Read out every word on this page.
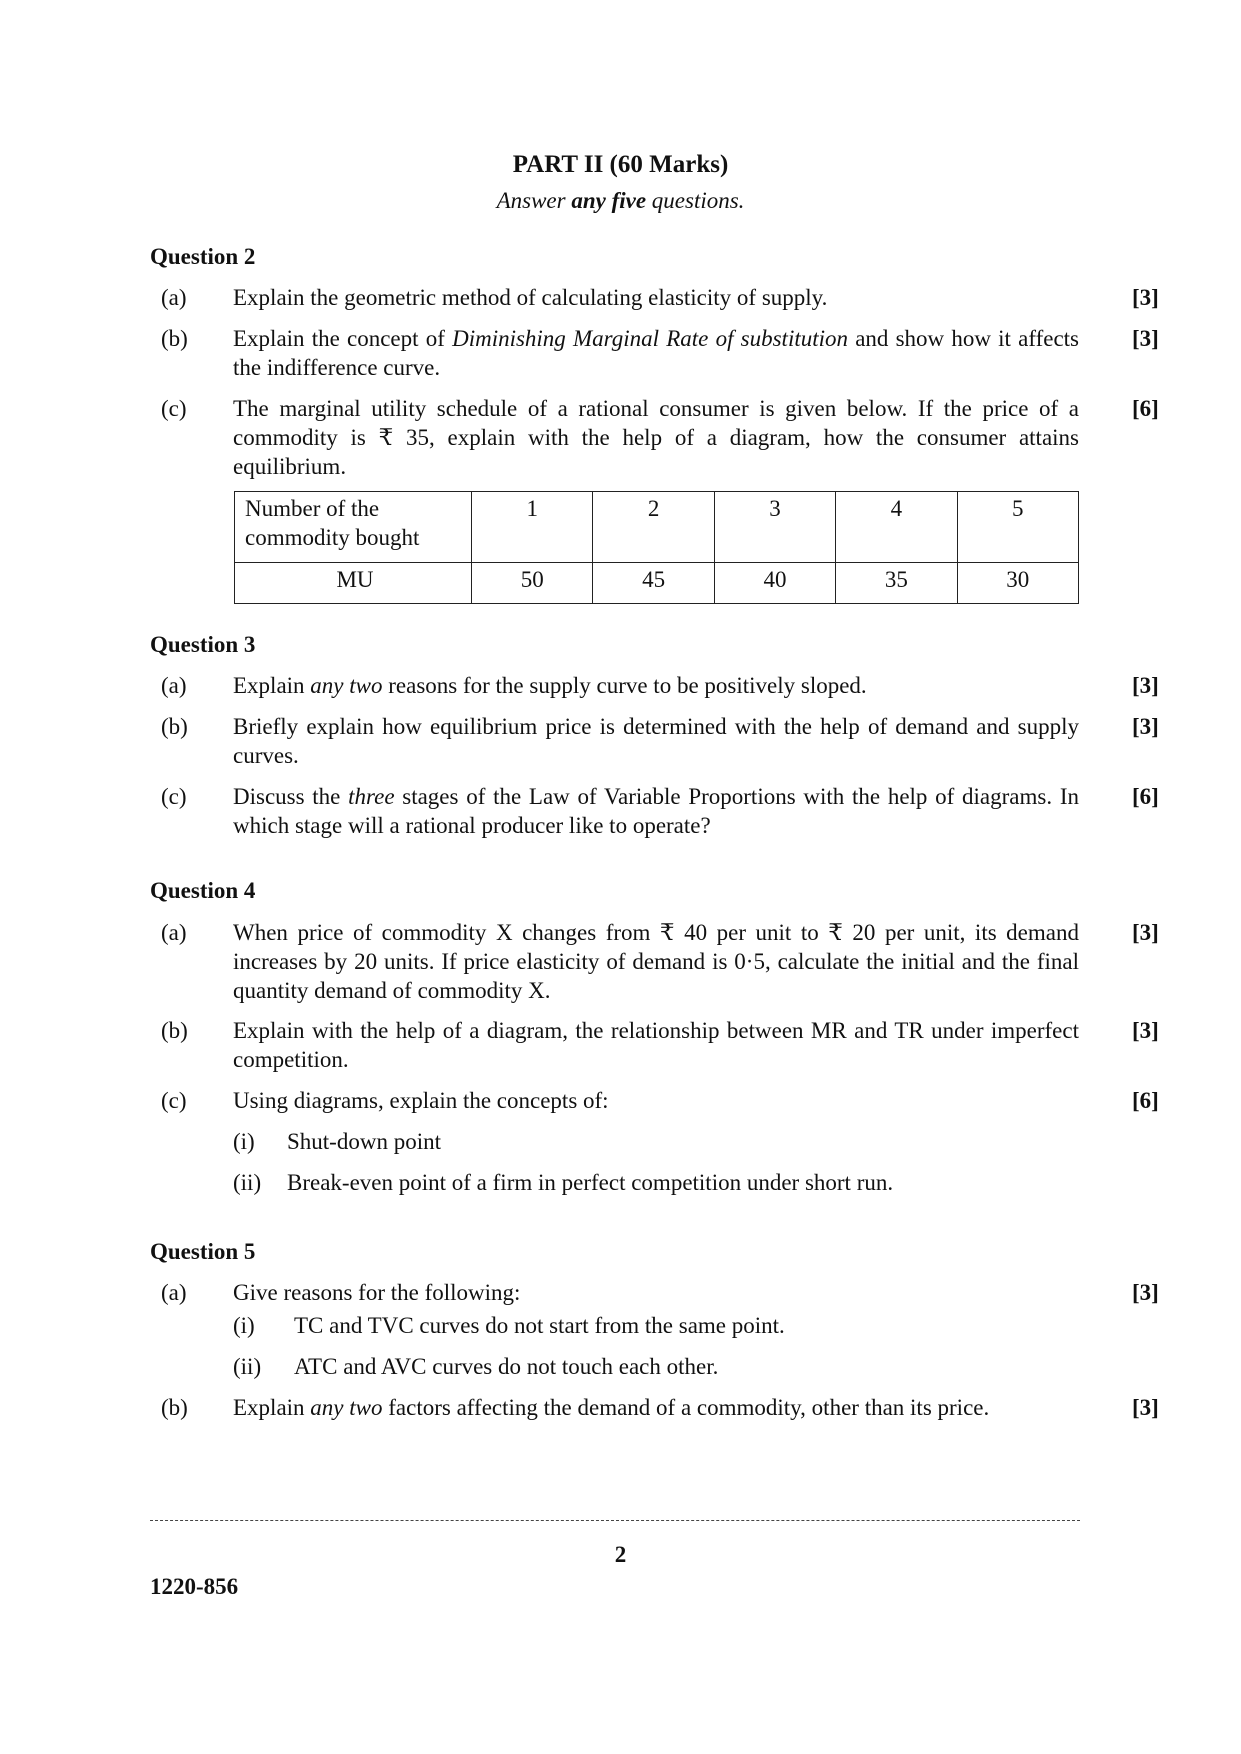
PART II (60 Marks)
Answer any five questions.
Question 2
(a) Explain the geometric method of calculating elasticity of supply.	[3]
(b) Explain the concept of Diminishing Marginal Rate of substitution and show how it affects the indifference curve.
[3]
(c) The marginal utility schedule of a rational consumer is given below. If the price of a commodity is ₹ 35, explain with the help of a diagram, how the consumer attains equilibrium.
[6]
Number of the commodity bought	1	2	3	4	5
MU	50	45	40	35	30
Question 3
(a) Explain any two reasons for the supply curve to be positively sloped.	[3]
(b) Briefly explain how equilibrium price is determined with the help of demand and supply curves.
[3]
(c) Discuss the three stages of the Law of Variable Proportions with the help of diagrams. In which stage will a rational producer like to operate?
[6]
Question 4
(a) When price of commodity X changes from ₹ 40 per unit to ₹ 20 per unit, its demand increases by 20 units. If price elasticity of demand is 0·5, calculate the initial and the final quantity demand of commodity X.
[3]
(b) Explain with the help of a diagram, the relationship between MR and TR under imperfect competition.
[3]
(c) Using diagrams, explain the concepts of:	[6]
(i) Shut-down point
(ii) Break-even point of a firm in perfect competition under short run.
Question 5
(a) Give reasons for the following:	[3]
(i) TC and TVC curves do not start from the same point.
(ii) ATC and AVC curves do not touch each other.
(b) Explain any two factors affecting the demand of a commodity, other than its price.	[3]
2
1220-856
